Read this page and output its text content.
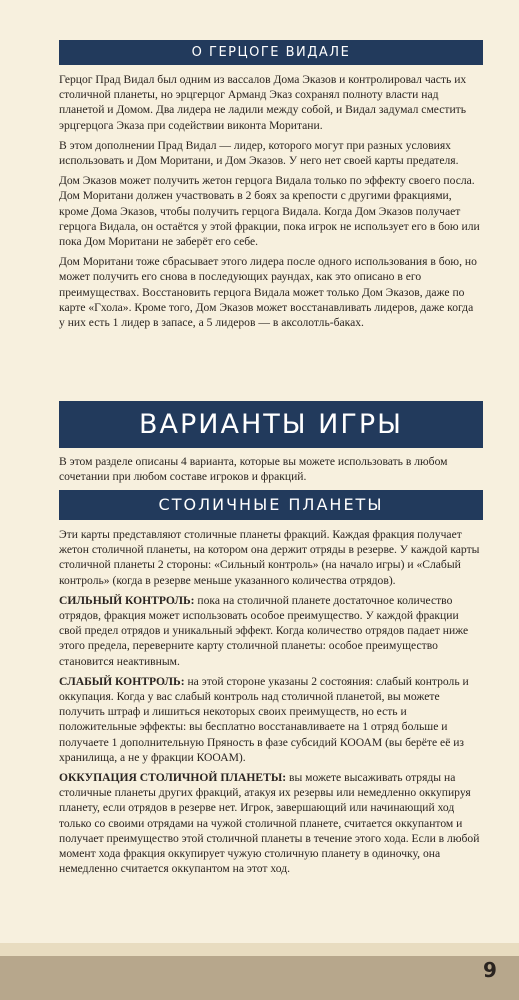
О ГЕРЦОГЕ ВИДАЛЕ

Герцог Прад Видал был одним из вассалов Дома Эказов и контролировал часть их столичной планеты, но эрцгерцог Арманд Эказ сохранял полноту власти над планетой и Домом. Два лидера не ладили между собой, и Видал задумал сместить эрцгерцога Эказа при содействии виконта Моритани.

В этом дополнении Прад Видал — лидер, которого могут при разных условиях использовать и Дом Моритани, и Дом Эказов. У него нет своей карты предателя.

Дом Эказов может получить жетон герцога Видала только по эффекту своего посла. Дом Моритани должен участвовать в 2 боях за крепости с другими фракциями, кроме Дома Эказов, чтобы получить герцога Видала. Когда Дом Эказов получает герцога Видала, он остаётся у этой фракции, пока игрок не использует его в бою или пока Дом Моритани не заберёт его себе.

Дом Моритани тоже сбрасывает этого лидера после одного использования в бою, но может получить его снова в последующих раундах, как это описано в его преимуществах. Восстановить герцога Видала может только Дом Эказов, даже по карте «Гхола». Кроме того, Дом Эказов может восстанавливать лидеров, даже когда у них есть 1 лидер в запасе, а 5 лидеров — в аксолотль-баках.

ВАРИАНТЫ ИГРЫ

В этом разделе описаны 4 варианта, которые вы можете использовать в любом сочетании при любом составе игроков и фракций.

СТОЛИЧНЫЕ ПЛАНЕТЫ

Эти карты представляют столичные планеты фракций. Каждая фракция получает жетон столичной планеты, на котором она держит отряды в резерве. У каждой карты столичной планеты 2 стороны: «Сильный контроль» (на начало игры) и «Слабый контроль» (когда в резерве меньше указанного количества отрядов).

СИЛЬНЫЙ КОНТРОЛЬ: пока на столичной планете достаточное количество отрядов, фракция может использовать особое преимущество. У каждой фракции свой предел отрядов и уникальный эффект. Когда количество отрядов падает ниже этого предела, переверните карту столичной планеты: особое преимущество становится неактивным.

СЛАБЫЙ КОНТРОЛЬ: на этой стороне указаны 2 состояния: слабый контроль и оккупация. Когда у вас слабый контроль над столичной планетой, вы можете получить штраф и лишиться некоторых своих преимуществ, но есть и положительные эффекты: вы бесплатно восстанавливаете на 1 отряд больше и получаете 1 дополнительную Пряность в фазе субсидий КООАМ (вы берёте её из хранилища, а не у фракции КООАМ).

ОККУПАЦИЯ СТОЛИЧНОЙ ПЛАНЕТЫ: вы можете высаживать отряды на столичные планеты других фракций, атакуя их резервы или немедленно оккупируя планету, если отрядов в резерве нет. Игрок, завершающий или начинающий ход только со своими отрядами на чужой столичной планете, считается оккупантом и получает преимущество этой столичной планеты в течение этого хода. Если в любой момент хода фракция оккупирует чужую столичную планету в одиночку, она немедленно считается оккупантом на этот ход.

9
